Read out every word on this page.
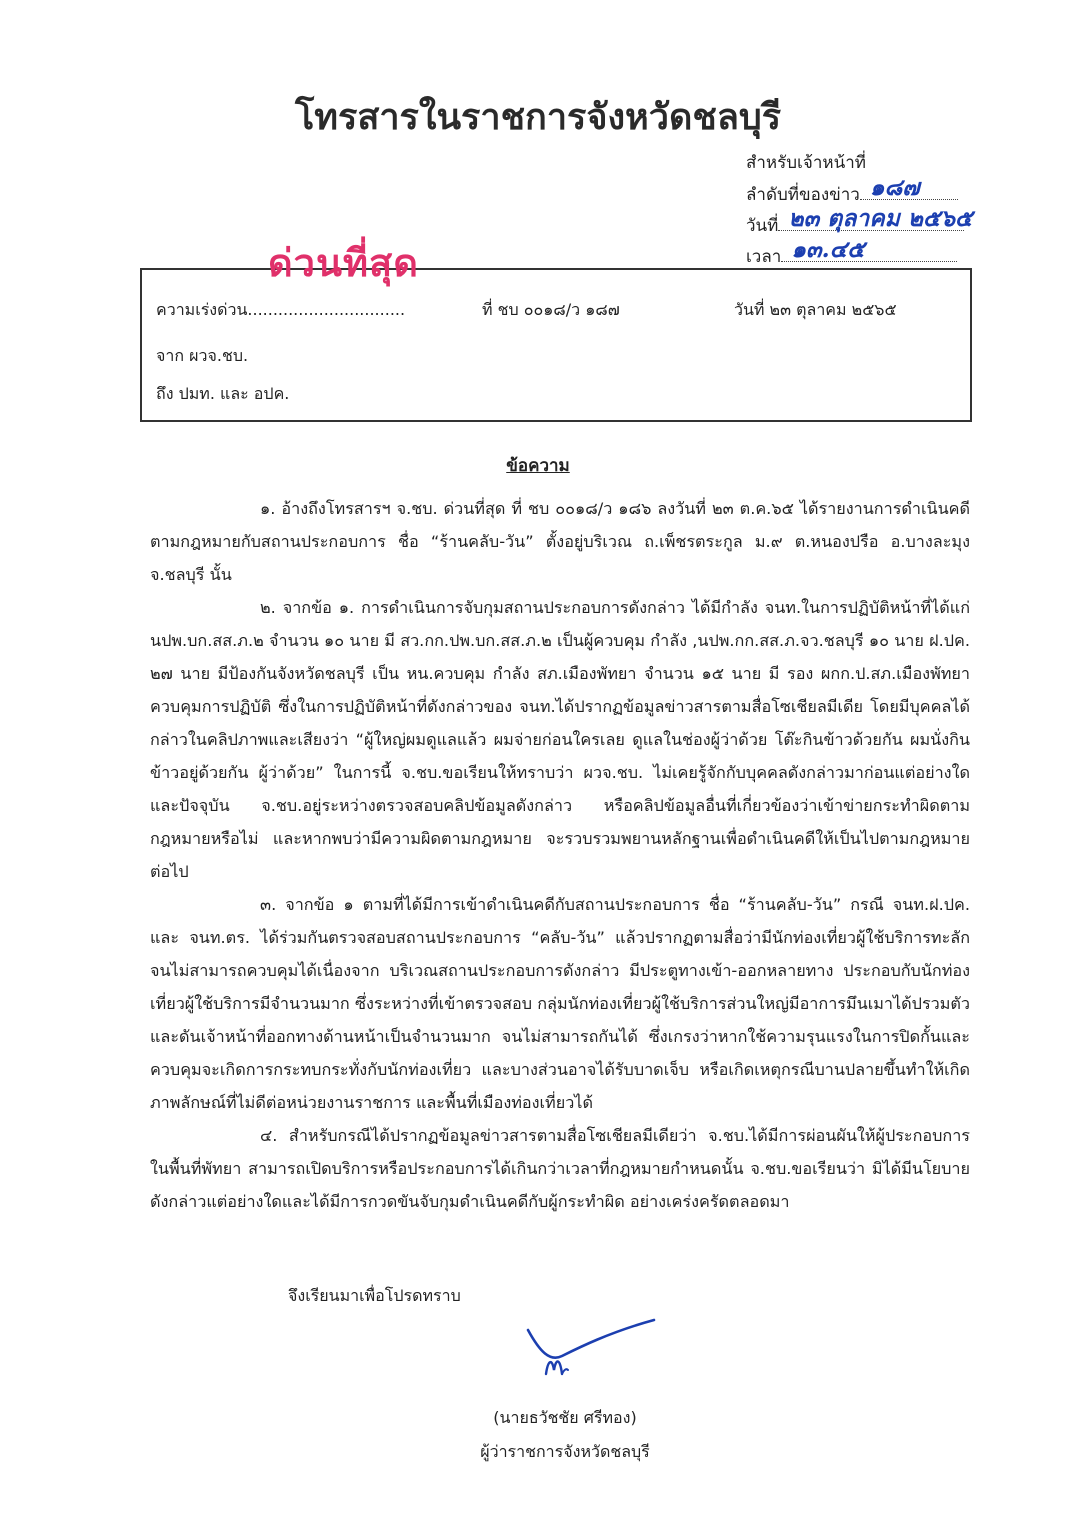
โทรสารในราชการจังหวัดชลบุรี
สำหรับเจ้าหน้าที่
ลำดับที่ของข่าว ๑๘๗
วันที่ ๒๓ ตุลาคม ๒๕๖๕
เวลา ๑๓.๔๕
ความเร่งด่วน...............................	ที่ ชบ ๐๐๑๘/ว ๑๘๗	วันที่ ๒๓ ตุลาคม ๒๕๖๕
จาก ผวจ.ชบ.
ถึง ปมท. และ อปค.
ด่วนที่สุด
ข้อความ

๑. อ้างถึงโทรสารฯ จ.ชบ. ด่วนที่สุด ที่ ชบ ๐๐๑๘/ว ๑๘๖ ลงวันที่ ๒๓ ต.ค.๖๕ ได้รายงานการดำเนินคดีตามกฎหมายกับสถานประกอบการ ชื่อ “ร้านคลับ-วัน” ตั้งอยู่บริเวณ ถ.เพ็ชรตระกูล ม.๙ ต.หนองปรือ อ.บางละมุง จ.ชลบุรี นั้น

๒. จากข้อ ๑. การดำเนินการจับกุมสถานประกอบการดังกล่าว ได้มีกำลัง จนท.ในการปฏิบัติหน้าที่ได้แก่ นปพ.บก.สส.ภ.๒ จำนวน ๑๐ นาย มี สว.กก.ปพ.บก.สส.ภ.๒ เป็นผู้ควบคุม กำลัง ,นปพ.กก.สส.ภ.จว.ชลบุรี ๑๐ นาย ฝ.ปค. ๒๗ นาย มีป้องกันจังหวัดชลบุรี เป็น หน.ควบคุม กำลัง สภ.เมืองพัทยา จำนวน ๑๕ นาย มี รอง ผกก.ป.สภ.เมืองพัทยา ควบคุมการปฏิบัติ ซึ่งในการปฏิบัติหน้าที่ดังกล่าวของ จนท.ได้ปรากฏข้อมูลข่าวสารตามสื่อโซเชียลมีเดีย โดยมีบุคคลได้กล่าวในคลิปภาพและเสียงว่า “ผู้ใหญ่ผมดูแลแล้ว ผมจ่ายก่อนใครเลย ดูแลในช่องผู้ว่าด้วย โต๊ะกินข้าวด้วยกัน ผมนั่งกินข้าวอยู่ด้วยกัน ผู้ว่าด้วย” ในการนี้ จ.ชบ.ขอเรียนให้ทราบว่า ผวจ.ชบ. ไม่เคยรู้จักกับบุคคลดังกล่าวมาก่อนแต่อย่างใด และปัจจุบัน จ.ชบ.อยู่ระหว่างตรวจสอบคลิปข้อมูลดังกล่าว หรือคลิปข้อมูลอื่นที่เกี่ยวข้องว่าเข้าข่ายกระทำผิดตามกฎหมายหรือไม่ และหากพบว่ามีความผิดตามกฎหมาย จะรวบรวมพยานหลักฐานเพื่อดำเนินคดีให้เป็นไปตามกฎหมายต่อไป

๓. จากข้อ ๑ ตามที่ได้มีการเข้าดำเนินคดีกับสถานประกอบการ ชื่อ “ร้านคลับ-วัน” กรณี จนท.ฝ.ปค. และ จนท.ตร. ได้ร่วมกันตรวจสอบสถานประกอบการ “คลับ-วัน” แล้วปรากฏตามสื่อว่ามีนักท่องเที่ยวผู้ใช้บริการทะลัก จนไม่สามารถควบคุมได้เนื่องจาก บริเวณสถานประกอบการดังกล่าว มีประตูทางเข้า-ออกหลายทาง ประกอบกับนักท่องเที่ยวผู้ใช้บริการมีจำนวนมาก ซึ่งระหว่างที่เข้าตรวจสอบ กลุ่มนักท่องเที่ยวผู้ใช้บริการส่วนใหญ่มีอาการมึนเมาได้ปรวมตัวและดันเจ้าหน้าที่ออกทางด้านหน้าเป็นจำนวนมาก จนไม่สามารถกันได้ ซึ่งเกรงว่าหากใช้ความรุนแรงในการปิดกั้นและควบคุมจะเกิดการกระทบกระทั่งกับนักท่องเที่ยว และบางส่วนอาจได้รับบาดเจ็บ หรือเกิดเหตุกรณีบานปลายขึ้นทำให้เกิดภาพลักษณ์ที่ไม่ดีต่อหน่วยงานราชการ และพื้นที่เมืองท่องเที่ยวได้

๔. สำหรับกรณีได้ปรากฏข้อมูลข่าวสารตามสื่อโซเชียลมีเดียว่า จ.ชบ.ได้มีการผ่อนผันให้ผู้ประกอบการในพื้นที่พัทยา สามารถเปิดบริการหรือประกอบการได้เกินกว่าเวลาที่กฎหมายกำหนดนั้น จ.ชบ.ขอเรียนว่า มิได้มีนโยบายดังกล่าวแต่อย่างใดและได้มีการกวดขันจับกุมดำเนินคดีกับผู้กระทำผิด อย่างเคร่งครัดตลอดมา

จึงเรียนมาเพื่อโปรดทราบ
(นายธวัชชัย ศรีทอง)
ผู้ว่าราชการจังหวัดชลบุรี
